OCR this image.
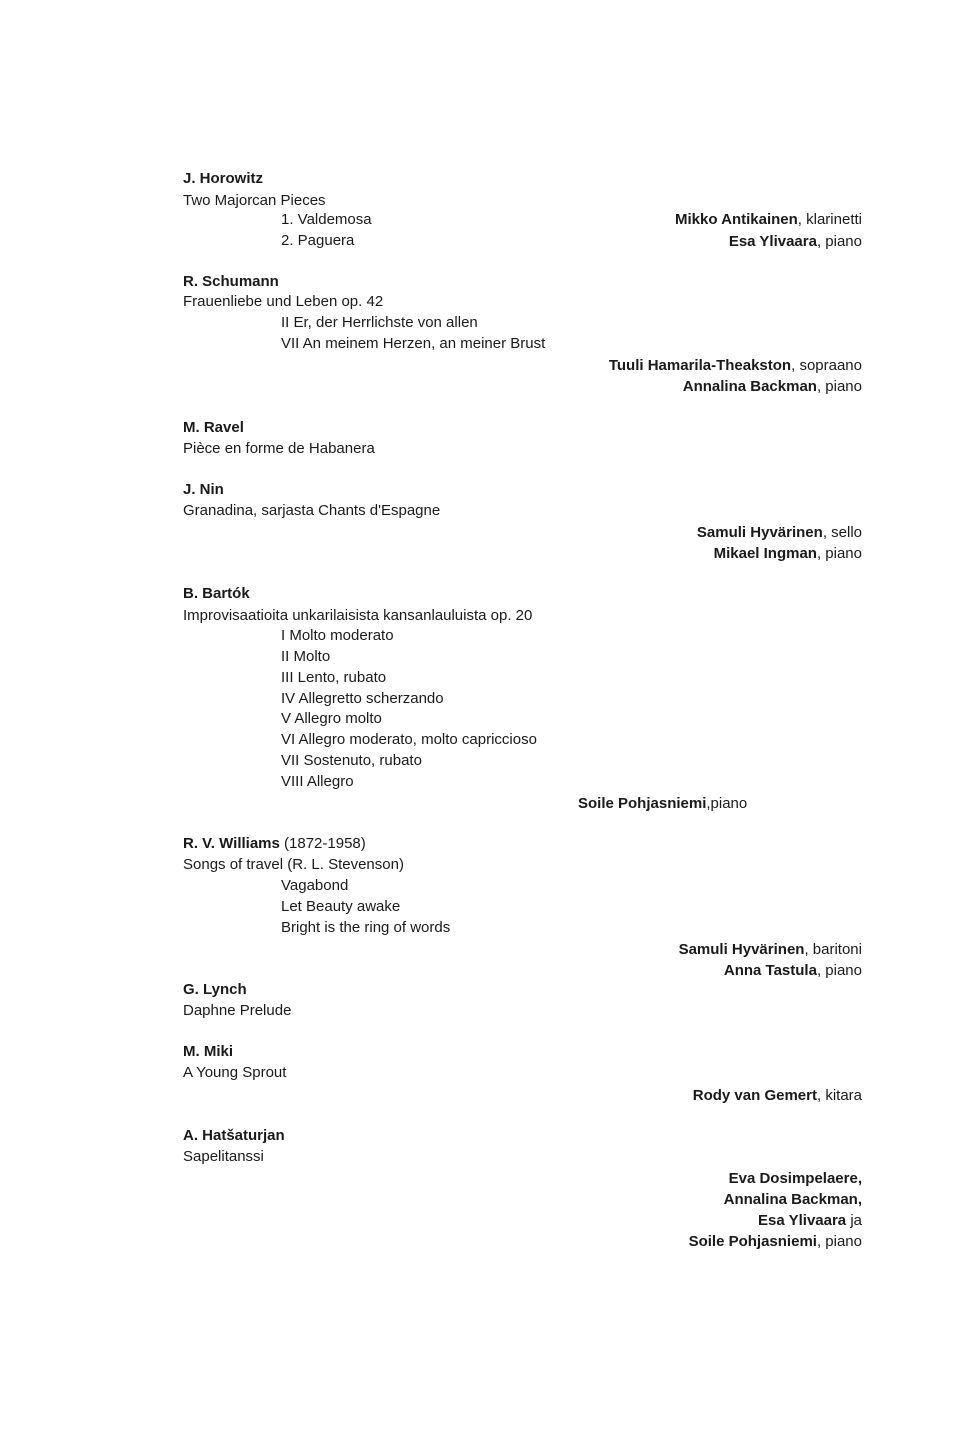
J. Horowitz
Two Majorcan Pieces
1. Valdemosa
2. Paguera
Mikko Antikainen, klarinetti
Esa Ylivaara, piano
R. Schumann
Frauenliebe und Leben op. 42
II Er, der Herrlichste von allen
VII An meinem Herzen, an meiner Brust
Tuuli Hamarila-Theakston, sopraano
Annalina Backman, piano
M. Ravel
Pièce en forme de Habanera
J. Nin
Granadina, sarjasta Chants d'Espagne
Samuli Hyvärinen, sello
Mikael Ingman, piano
B. Bartók
Improvisaatioita unkarilaisista kansanlauluista op. 20
I Molto moderato
II Molto
III Lento, rubato
IV Allegretto scherzando
V Allegro molto
VI Allegro moderato, molto capriccioso
VII Sostenuto, rubato
VIII Allegro
Soile Pohjasniemi,piano
R. V. Williams (1872-1958)
Songs of travel (R. L. Stevenson)
Vagabond
Let Beauty awake
Bright is the ring of words
Samuli Hyvärinen, baritoni
Anna Tastula, piano
G. Lynch
Daphne Prelude
M. Miki
A Young Sprout
Rody van Gemert, kitara
A. Hatšaturjan
Sapelitanssi
Eva Dosimpelaere,
Annalina Backman,
Esa Ylivaara ja
Soile Pohjasniemi, piano
